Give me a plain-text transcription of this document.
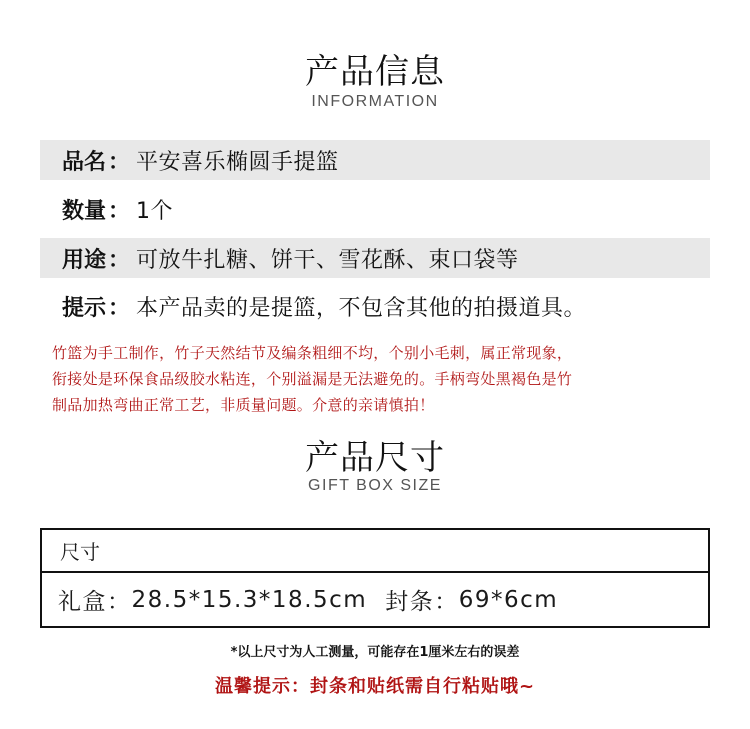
产品信息
INFORMATION
品名 ： 平安喜乐椭圆手提篮
数量 ： 1个
用途 ： 可放牛扎糖、饼干、雪花酥、束口袋等
提示 ： 本产品卖的是提篮，不包含其他的拍摄道具。

竹篮为手工制作，竹子天然结节及编条粗细不均，个别小毛刺，属正常现象，

衔接处是环保食品级胶水粘连，个别溢漏是无法避免的。手柄弯处黑褐色是竹

制品加热弯曲正常工艺，非质量问题。介意的亲请慎拍！

产品尺寸
GIFT BOX SIZE
尺寸
礼盒： 28.5*15.3*18.5cm 封条： 69*6cm
*以上尺寸为人工测量，可能存在1厘米左右的误差
温馨提示：封条和贴纸需自行粘贴哦~
